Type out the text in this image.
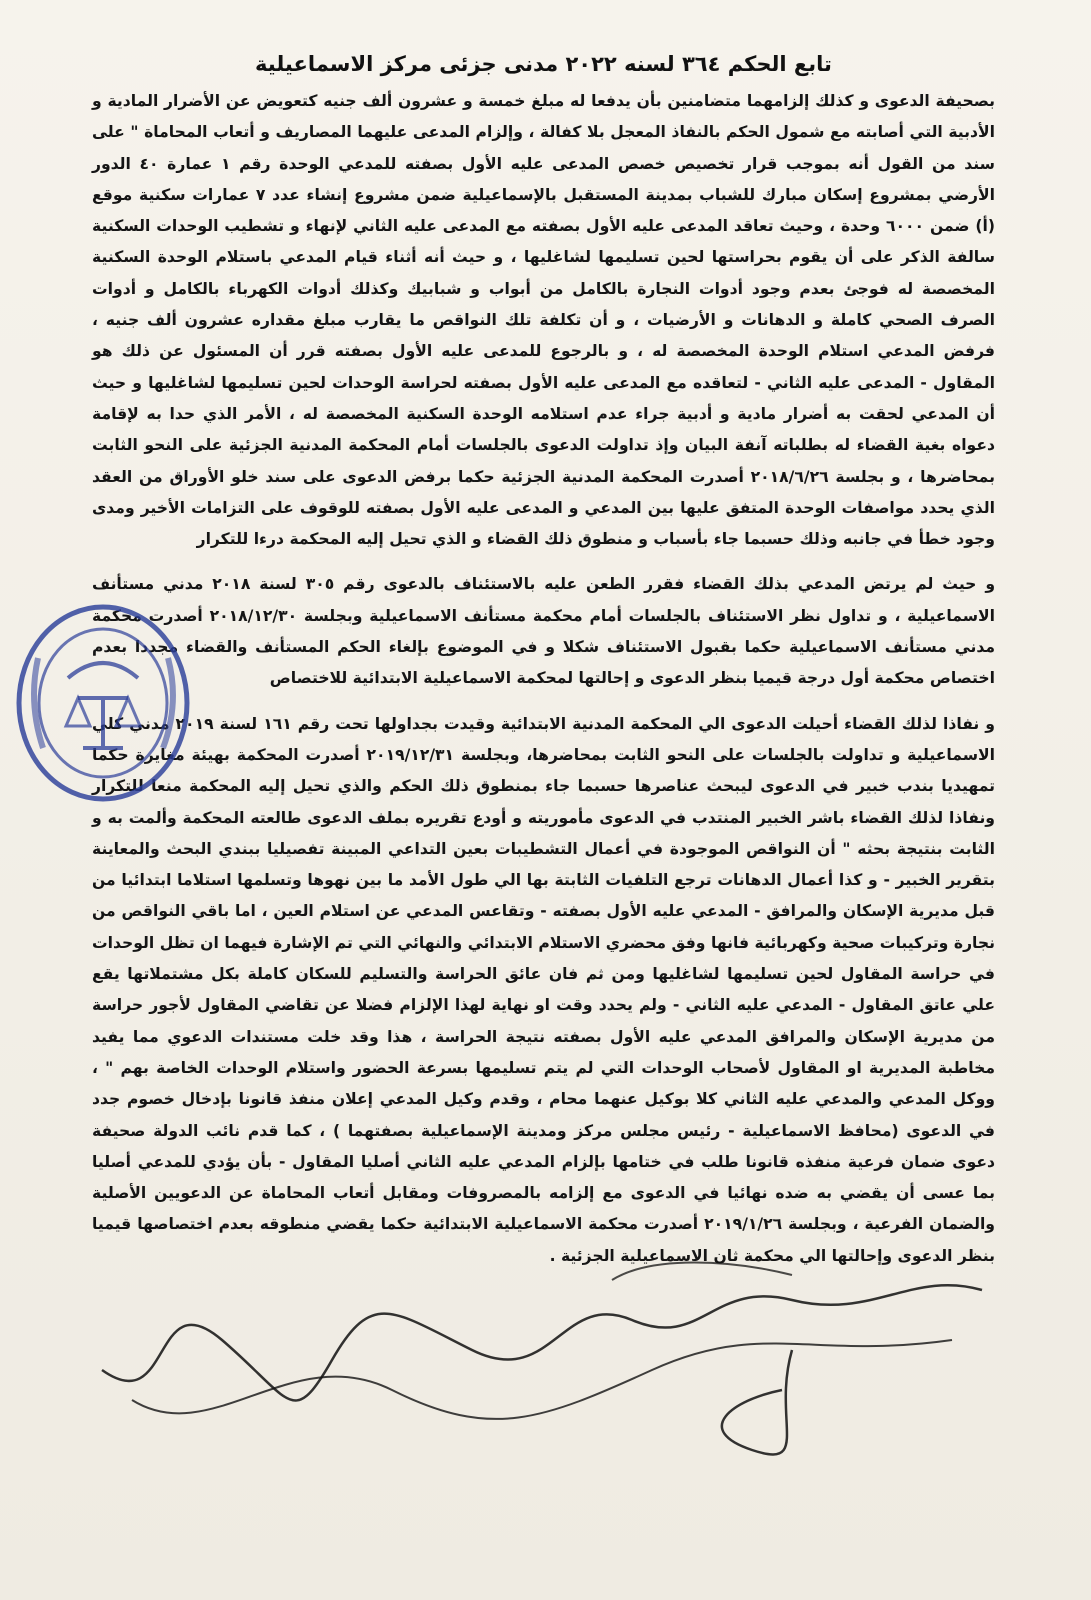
تابع الحكم ٣٦٤ لسنه ٢٠٢٢ مدنى جزئى مركز الاسماعيلية

بصحيفة الدعوى و كذلك إلزامهما متضامنين بأن يدفعا له مبلغ خمسة و عشرون ألف جنيه كتعويض عن الأضرار المادية و الأدبية التي أصابته مع شمول الحكم بالنفاذ المعجل بلا كفالة ، وإلزام المدعى عليهما المصاريف و أتعاب المحاماة " على سند من القول أنه بموجب قرار تخصيص خصص المدعى عليه الأول بصفته للمدعي الوحدة رقم ١ عمارة ٤٠ الدور الأرضي بمشروع إسكان مبارك للشباب بمدينة المستقبل بالإسماعيلية ضمن مشروع إنشاء عدد ٧ عمارات سكنية موقع (أ) ضمن ٦٠٠٠ وحدة ، وحيث تعاقد المدعى عليه الأول بصفته مع المدعى عليه الثاني لإنهاء و تشطيب الوحدات السكنية سالفة الذكر على أن يقوم بحراستها لحين تسليمها لشاغليها ، و حيث أنه أثناء قيام المدعي باستلام الوحدة السكنية المخصصة له فوجئ بعدم وجود أدوات النجارة بالكامل من أبواب و شبابيك وكذلك أدوات الكهرباء بالكامل و أدوات الصرف الصحي كاملة و الدهانات و الأرضيات ، و أن تكلفة تلك النواقص ما يقارب مبلغ مقداره عشرون ألف جنيه ، فرفض المدعي استلام الوحدة المخصصة له ، و بالرجوع للمدعى عليه الأول بصفته قرر أن المسئول عن ذلك هو المقاول - المدعى عليه الثاني - لتعاقده مع المدعى عليه الأول بصفته لحراسة الوحدات لحين تسليمها لشاغليها و حيث أن المدعي لحقت به أضرار مادية و أدبية جراء عدم استلامه الوحدة السكنية المخصصة له ، الأمر الذي حدا به لإقامة دعواه بغية القضاء له بطلباته آنفة البيان وإذ تداولت الدعوى بالجلسات أمام المحكمة المدنية الجزئية على النحو الثابت بمحاضرها ، و بجلسة ٢٠١٨/٦/٢٦ أصدرت المحكمة المدنية الجزئية حكما برفض الدعوى على سند خلو الأوراق من العقد الذي يحدد مواصفات الوحدة المتفق عليها بين المدعي و المدعى عليه الأول بصفته للوقوف على التزامات الأخير ومدى وجود خطأ في جانبه وذلك حسبما جاء بأسباب و منطوق ذلك القضاء و الذي تحيل إليه المحكمة درءا للتكرار

و حيث لم يرتض المدعي بذلك القضاء فقرر الطعن عليه بالاستئناف بالدعوى رقم ٣٠٥ لسنة ٢٠١٨ مدني مستأنف الاسماعيلية ، و تداول نظر الاستئناف بالجلسات أمام محكمة مستأنف الاسماعيلية وبجلسة ٢٠١٨/١٢/٣٠ أصدرت محكمة مدني مستأنف الاسماعيلية حكما بقبول الاستئناف شكلا و في الموضوع بإلغاء الحكم المستأنف والقضاء مجددا بعدم اختصاص محكمة أول درجة قيميا بنظر الدعوى و إحالتها لمحكمة الاسماعيلية الابتدائية للاختصاص

و نفاذا لذلك القضاء أحيلت الدعوى الي المحكمة المدنية الابتدائية وقيدت بجداولها تحت رقم ١٦١ لسنة ٢٠١٩ مدني كلي الاسماعيلية و تداولت بالجلسات على النحو الثابت بمحاضرها، وبجلسة ٢٠١٩/١٢/٣١ أصدرت المحكمة بهيئة مغايرة حكما تمهيديا بندب خبير في الدعوى ليبحث عناصرها حسبما جاء بمنطوق ذلك الحكم والذي تحيل إليه المحكمة منعا للتكرار ونفاذا لذلك القضاء باشر الخبير المنتدب في الدعوى مأموريته و أودع تقريره بملف الدعوى طالعته المحكمة وألمت به و الثابت بنتيجة بحثه " أن النواقص الموجودة في أعمال التشطيبات بعين التداعي المبينة تفصيليا ببندي البحث والمعاينة بتقرير الخبير - و كذا أعمال الدهانات ترجع التلفيات الثابتة بها الي طول الأمد ما بين نهوها وتسلمها استلاما ابتدائيا من قبل مديرية الإسكان والمرافق - المدعي عليه الأول بصفته - وتقاعس المدعي عن استلام العين ، اما باقي النواقص من نجارة وتركيبات صحية وكهربائية فانها وفق محضري الاستلام الابتدائي والنهائي التي تم الإشارة فيهما ان تظل الوحدات في حراسة المقاول لحين تسليمها لشاغليها ومن ثم فان عائق الحراسة والتسليم للسكان كاملة بكل مشتملاتها يقع علي عاتق المقاول - المدعي عليه الثاني - ولم يحدد وقت او نهاية لهذا الإلزام فضلا عن تقاضي المقاول لأجور حراسة من مديرية الإسكان والمرافق المدعي عليه الأول بصفته نتيجة الحراسة ، هذا وقد خلت مستندات الدعوي مما يفيد مخاطبة المديرية او المقاول لأصحاب الوحدات التي لم يتم تسليمها بسرعة الحضور واستلام الوحدات الخاصة بهم " ، ووكل المدعي والمدعي عليه الثاني كلا بوكيل عنهما محام ، وقدم وكيل المدعي إعلان منفذ قانونا بإدخال خصوم جدد في الدعوى (محافظ الاسماعيلية - رئيس مجلس مركز ومدينة الإسماعيلية بصفتهما ) ، كما قدم نائب الدولة صحيفة دعوى ضمان فرعية منفذه قانونا طلب في ختامها بإلزام المدعي عليه الثاني أصليا المقاول - بأن يؤدي للمدعي أصليا بما عسى أن يقضي به ضده نهائيا في الدعوى مع إلزامه بالمصروفات ومقابل أتعاب المحاماة عن الدعويين الأصلية والضمان الفرعية ، وبجلسة ٢٠١٩/١/٢٦ أصدرت محكمة الاسماعيلية الابتدائية حكما يقضي منطوقه بعدم اختصاصها قيميا بنظر الدعوى وإحالتها الي محكمة ثان الاسماعيلية الجزئية .
